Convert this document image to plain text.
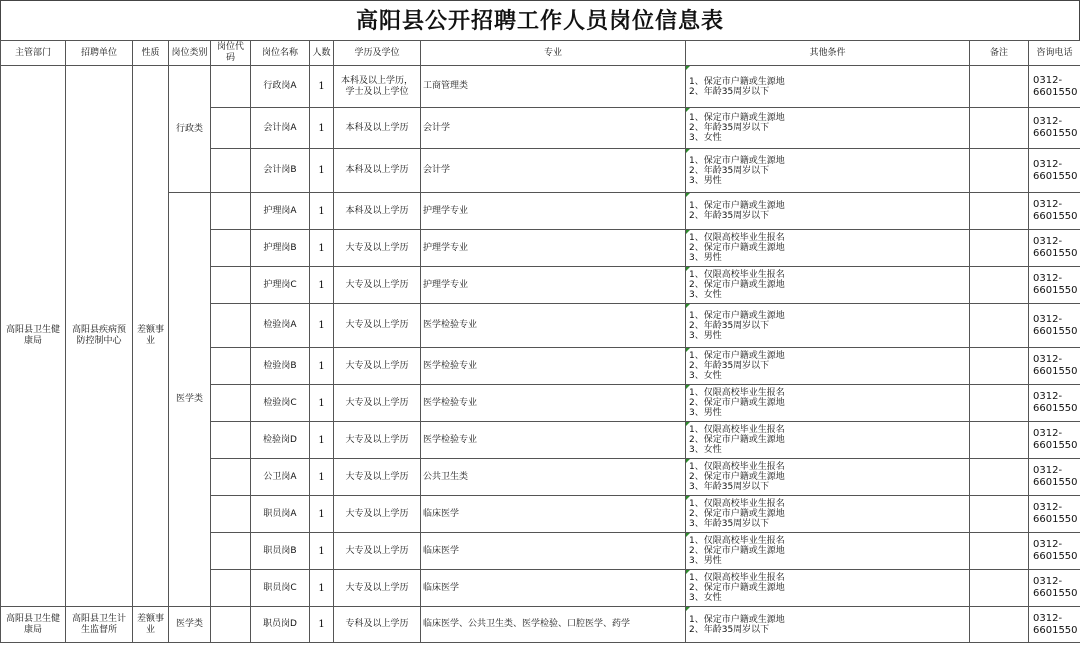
高阳县公开招聘工作人员岗位信息表
主管部门	招聘单位	性质	岗位类别	岗位代码	岗位名称	人数	学历及学位	专业	其他条件	备注	咨询电话
高阳县卫生健康局	高阳县疾病预防控制中心	差额事业	行政类		行政岗A	1	本科及以上学历，
学士及以上学位	工商管理类	1、保定市户籍或生源地
2、年龄35周岁以下		0312-
6601550
					会计岗A	1	本科及以上学历	会计学	1、保定市户籍或生源地
2、年龄35周岁以下
3、女性		0312-
6601550
					会计岗B	1	本科及以上学历	会计学	1、保定市户籍或生源地
2、年龄35周岁以下
3、男性		0312-
6601550
			医学类		护理岗A	1	本科及以上学历	护理学专业	1、保定市户籍或生源地
2、年龄35周岁以下		0312-
6601550
					护理岗B	1	大专及以上学历	护理学专业	1、仅限高校毕业生报名
2、保定市户籍或生源地
3、男性		0312-
6601550
					护理岗C	1	大专及以上学历	护理学专业	1、仅限高校毕业生报名
2、保定市户籍或生源地
3、女性		0312-
6601550
					检验岗A	1	大专及以上学历	医学检验专业	1、保定市户籍或生源地
2、年龄35周岁以下
3、男性		0312-
6601550
					检验岗B	1	大专及以上学历	医学检验专业	1、保定市户籍或生源地
2、年龄35周岁以下
3、女性		0312-
6601550
					检验岗C	1	大专及以上学历	医学检验专业	1、仅限高校毕业生报名
2、保定市户籍或生源地
3、男性		0312-
6601550
					检验岗D	1	大专及以上学历	医学检验专业	1、仅限高校毕业生报名
2、保定市户籍或生源地
3、女性		0312-
6601550
					公卫岗A	1	大专及以上学历	公共卫生类	1、仅限高校毕业生报名
2、保定市户籍或生源地
3、年龄35周岁以下		0312-
6601550
					职员岗A	1	大专及以上学历	临床医学	1、仅限高校毕业生报名
2、保定市户籍或生源地
3、年龄35周岁以下		0312-
6601550
					职员岗B	1	大专及以上学历	临床医学	1、仅限高校毕业生报名
2、保定市户籍或生源地
3、男性		0312-
6601550
					职员岗C	1	大专及以上学历	临床医学	1、仅限高校毕业生报名
2、保定市户籍或生源地
3、女性		0312-
6601550
高阳县卫生健康局	高阳县卫生计生监督所	差额事业	医学类		职员岗D	1	专科及以上学历	临床医学、公共卫生类、医学检验、口腔医学、药学	1、保定市户籍或生源地
2、年龄35周岁以下		0312-
6601550
